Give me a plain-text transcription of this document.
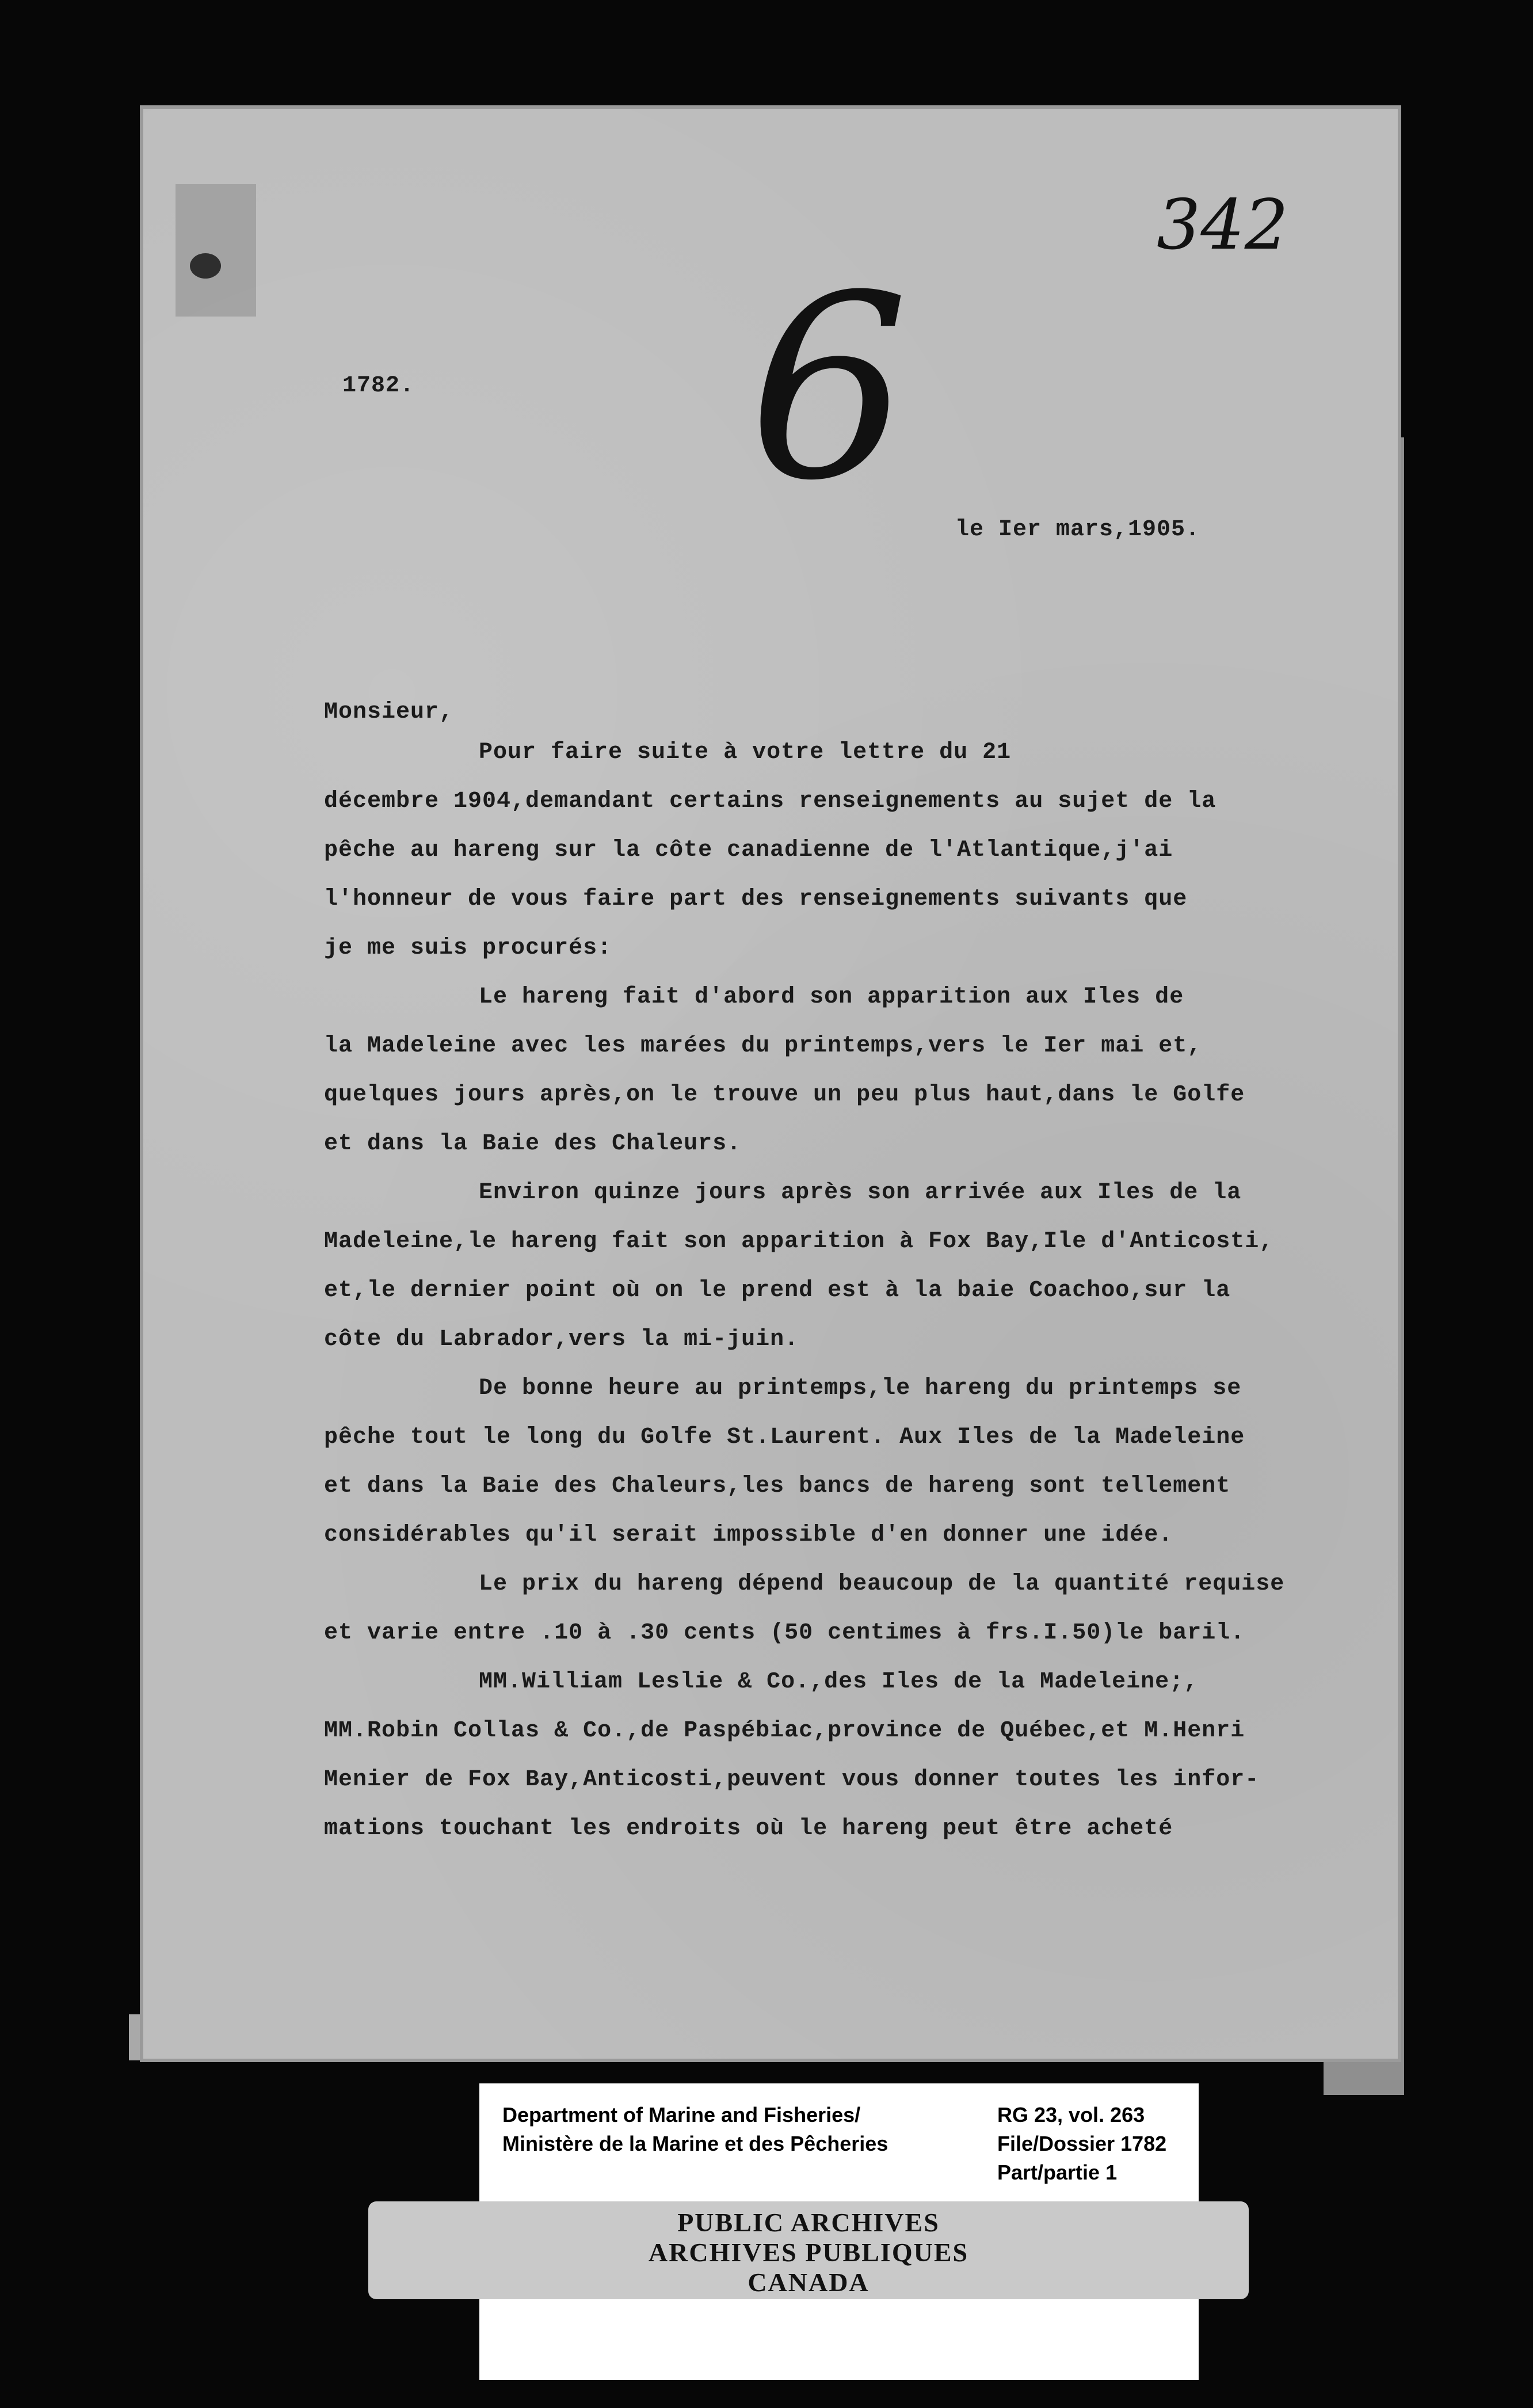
342
6
1782.
le Ier mars,1905.
Monsieur,
Pour faire suite à votre lettre du 21
décembre 1904,demandant certains renseignements au sujet de la
pêche au hareng sur la côte canadienne de l'Atlantique,j'ai
l'honneur de vous faire part des renseignements suivants que
je me suis procurés:
Le hareng fait d'abord son apparition aux Iles de
la Madeleine avec les marées du printemps,vers le Ier mai et,
quelques jours après,on le trouve un peu plus haut,dans le Golfe
et dans la Baie des Chaleurs.
Environ quinze jours après son arrivée aux Iles de la
Madeleine,le hareng fait son apparition à Fox Bay,Ile d'Anticosti,
et,le dernier point où on le prend est à la baie Coachoo,sur la
côte du Labrador,vers la mi-juin.
De bonne heure au printemps,le hareng du printemps se
pêche tout le long du Golfe St.Laurent. Aux Iles de la Madeleine
et dans la Baie des Chaleurs,les bancs de hareng sont tellement
considérables qu'il serait impossible d'en donner une idée.
Le prix du hareng dépend beaucoup de la quantité requise
et varie entre .10 à .30 cents (50 centimes à frs.I.50)le baril.
MM.William Leslie & Co.,des Iles de la Madeleine;,
MM.Robin Collas & Co.,de Paspébiac,province de Québec,et M.Henri
Menier de Fox Bay,Anticosti,peuvent vous donner toutes les infor-
mations touchant les endroits où le hareng peut être acheté
Department of Marine and Fisheries/
Ministère de la Marine et des Pêcheries
RG 23, vol. 263
File/Dossier 1782
Part/partie 1
PUBLIC ARCHIVES
ARCHIVES PUBLIQUES
CANADA
